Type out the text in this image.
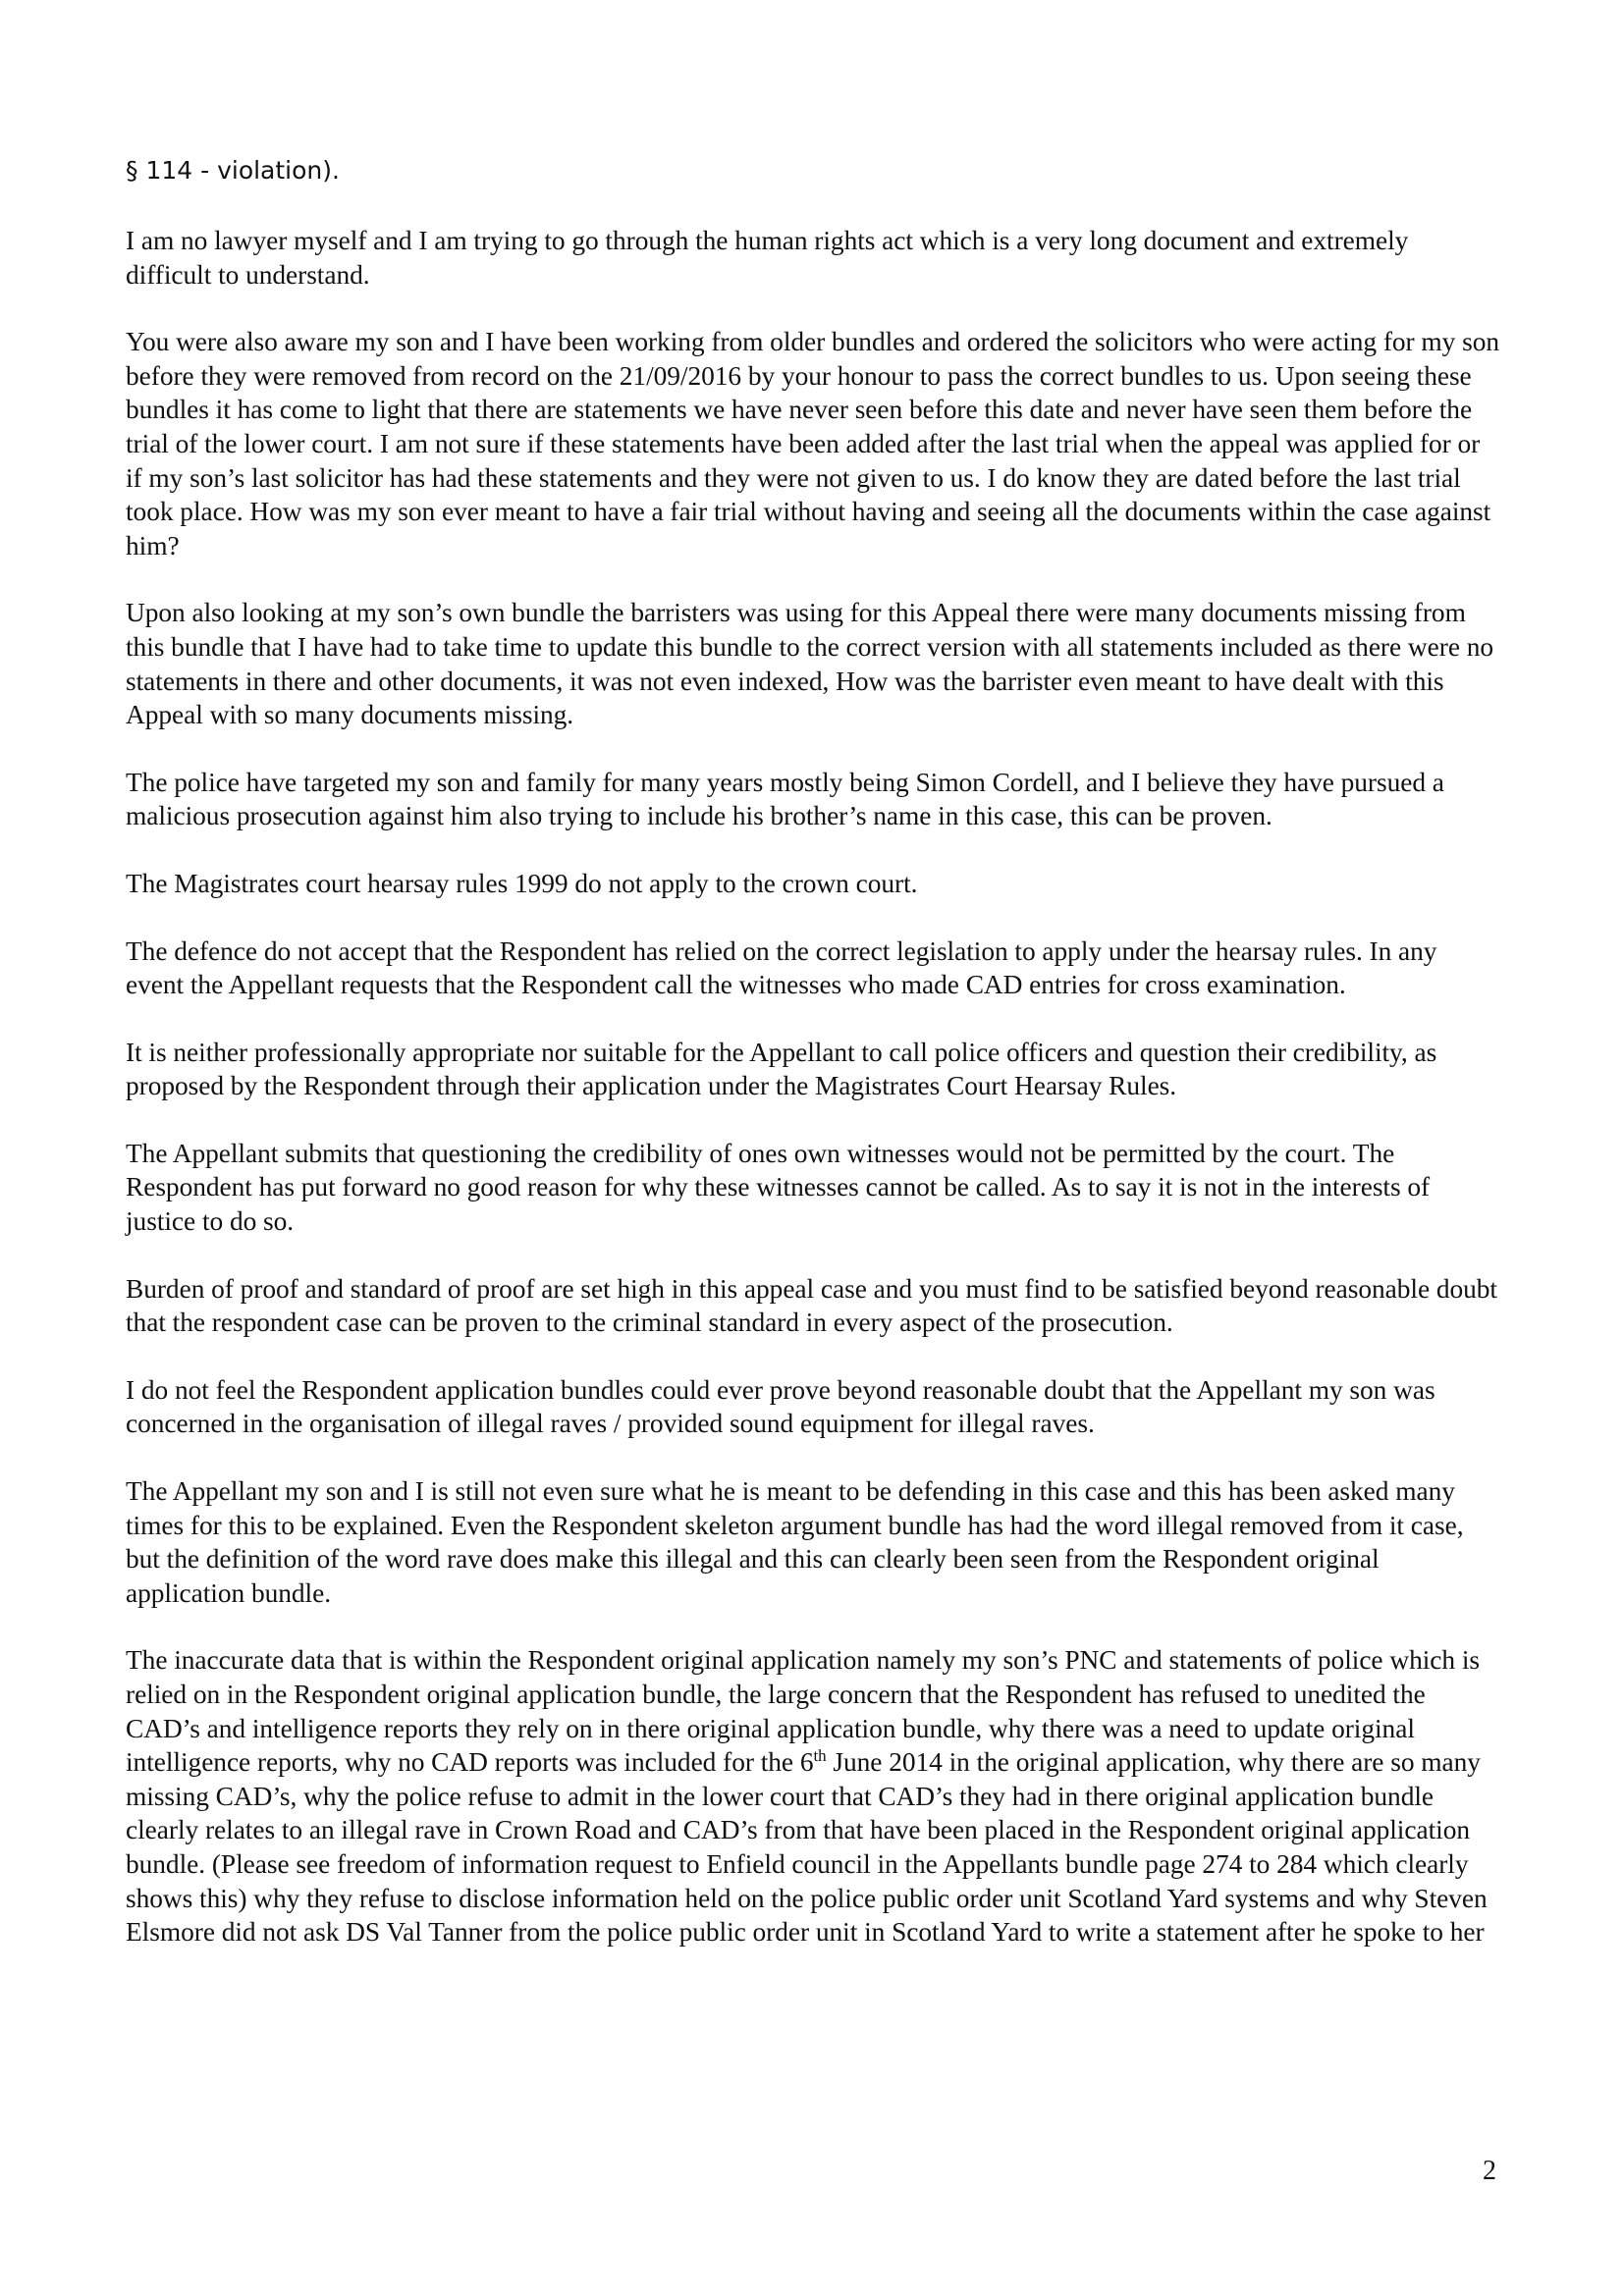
§ 114 - violation).

I am no lawyer myself and I am trying to go through the human rights act which is a very long document and extremely difficult to understand.

You were also aware my son and I have been working from older bundles and ordered the solicitors who were acting for my son before they were removed from record on the 21/09/2016 by your honour to pass the correct bundles to us. Upon seeing these bundles it has come to light that there are statements we have never seen before this date and never have seen them before the trial of the lower court. I am not sure if these statements have been added after the last trial when the appeal was applied for or if my son’s last solicitor has had these statements and they were not given to us. I do know they are dated before the last trial took place. How was my son ever meant to have a fair trial without having and seeing all the documents within the case against him?

Upon also looking at my son’s own bundle the barristers was using for this Appeal there were many documents missing from this bundle that I have had to take time to update this bundle to the correct version with all statements included as there were no statements in there and other documents, it was not even indexed, How was the barrister even meant to have dealt with this Appeal with so many documents missing.

The police have targeted my son and family for many years mostly being Simon Cordell, and I believe they have pursued a malicious prosecution against him also trying to include his brother’s name in this case, this can be proven.

The Magistrates court hearsay rules 1999 do not apply to the crown court.

The defence do not accept that the Respondent has relied on the correct legislation to apply under the hearsay rules. In any event the Appellant requests that the Respondent call the witnesses who made CAD entries for cross examination.

It is neither professionally appropriate nor suitable for the Appellant to call police officers and question their credibility, as proposed by the Respondent through their application under the Magistrates Court Hearsay Rules.

The Appellant submits that questioning the credibility of ones own witnesses would not be permitted by the court. The Respondent has put forward no good reason for why these witnesses cannot be called. As to say it is not in the interests of justice to do so.

Burden of proof and standard of proof are set high in this appeal case and you must find to be satisfied beyond reasonable doubt that the respondent case can be proven to the criminal standard in every aspect of the prosecution.

I do not feel the Respondent application bundles could ever prove beyond reasonable doubt that the Appellant my son was concerned in the organisation of illegal raves / provided sound equipment for illegal raves.

The Appellant my son and I is still not even sure what he is meant to be defending in this case and this has been asked many times for this to be explained. Even the Respondent skeleton argument bundle has had the word illegal removed from it case, but the definition of the word rave does make this illegal and this can clearly been seen from the Respondent original application bundle.

The inaccurate data that is within the Respondent original application namely my son’s PNC and statements of police which is relied on in the Respondent original application bundle, the large concern that the Respondent has refused to unedited the CAD’s and intelligence reports they rely on in there original application bundle, why there was a need to update original intelligence reports, why no CAD reports was included for the 6th June 2014 in the original application, why there are so many missing CAD’s, why the police refuse to admit in the lower court that CAD’s they had in there original application bundle clearly relates to an illegal rave in Crown Road and CAD’s from that have been placed in the Respondent original application bundle. (Please see freedom of information request to Enfield council in the Appellants bundle page 274 to 284 which clearly shows this) why they refuse to disclose information held on the police public order unit Scotland Yard systems and why Steven Elsmore did not ask DS Val Tanner from the police public order unit in Scotland Yard to write a statement after he spoke to her

2
